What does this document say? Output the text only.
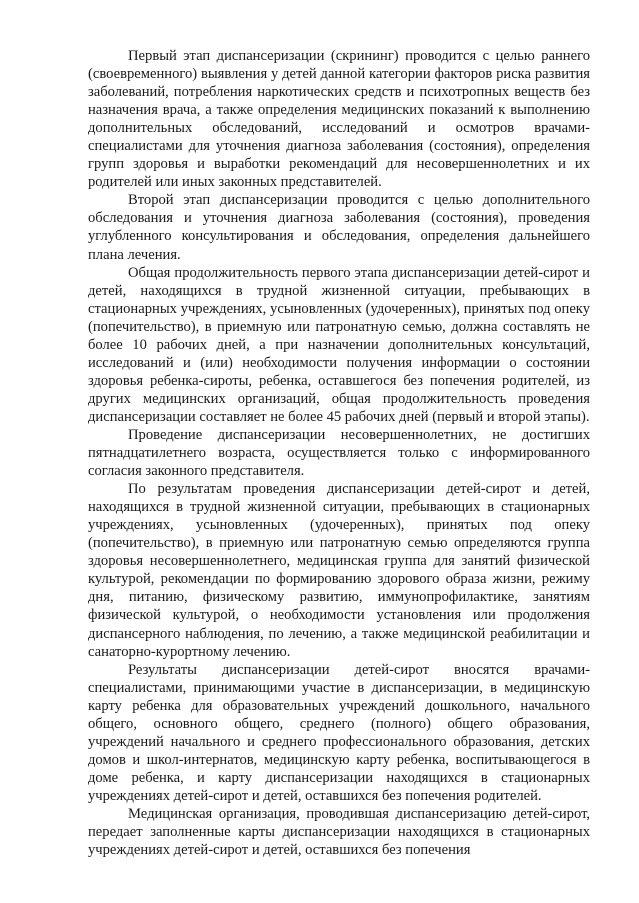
Первый этап диспансеризации (скрининг) проводится с целью раннего (своевременного) выявления у детей данной категории факторов риска развития заболеваний, потребления наркотических средств и психотропных веществ без назначения врача, а также определения медицинских показаний к выполнению дополнительных обследований, исследований и осмотров врачами-специалистами для уточнения диагноза заболевания (состояния), определения групп здоровья и выработки рекомендаций для несовершеннолетних и их родителей или иных законных представителей.

Второй этап диспансеризации проводится с целью дополнительного обследования и уточнения диагноза заболевания (состояния), проведения углубленного консультирования и обследования, определения дальнейшего плана лечения.

Общая продолжительность первого этапа диспансеризации детей-сирот и детей, находящихся в трудной жизненной ситуации, пребывающих в стационарных учреждениях, усыновленных (удочеренных), принятых под опеку (попечительство), в приемную или патронатную семью, должна составлять не более 10 рабочих дней, а при назначении дополнительных консультаций, исследований и (или) необходимости получения информации о состоянии здоровья ребенка-сироты, ребенка, оставшегося без попечения родителей, из других медицинских организаций, общая продолжительность проведения диспансеризации составляет не более 45 рабочих дней (первый и второй этапы).

Проведение диспансеризации несовершеннолетних, не достигших пятнадцатилетнего возраста, осуществляется только с информированного согласия законного представителя.

По результатам проведения диспансеризации детей-сирот и детей, находящихся в трудной жизненной ситуации, пребывающих в стационарных учреждениях, усыновленных (удочеренных), принятых под опеку (попечительство), в приемную или патронатную семью определяются группа здоровья несовершеннолетнего, медицинская группа для занятий физической культурой, рекомендации по формированию здорового образа жизни, режиму дня, питанию, физическому развитию, иммунопрофилактике, занятиям физической культурой, о необходимости установления или продолжения диспансерного наблюдения, по лечению, а также медицинской реабилитации и санаторно-курортному лечению.

Результаты диспансеризации детей-сирот вносятся врачами-специалистами, принимающими участие в диспансеризации, в медицинскую карту ребенка для образовательных учреждений дошкольного, начального общего, основного общего, среднего (полного) общего образования, учреждений начального и среднего профессионального образования, детских домов и школ-интернатов, медицинскую карту ребенка, воспитывающегося в доме ребенка, и карту диспансеризации находящихся в стационарных учреждениях детей-сирот и детей, оставшихся без попечения родителей.

Медицинская организация, проводившая диспансеризацию детей-сирот, передает заполненные карты диспансеризации находящихся в стационарных учреждениях детей-сирот и детей, оставшихся без попечения
